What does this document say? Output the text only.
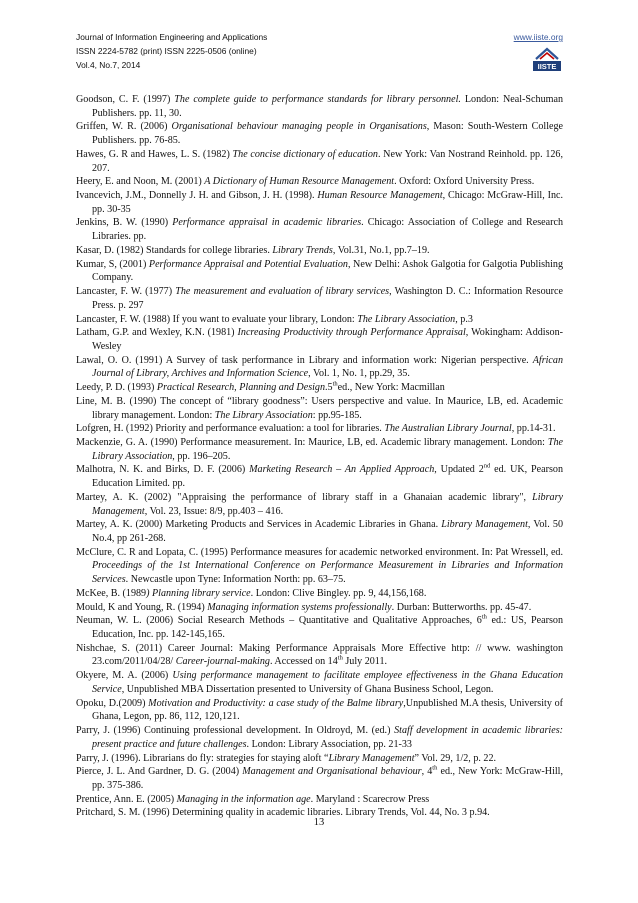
Journal of Information Engineering and Applications
ISSN 2224-5782 (print) ISSN 2225-0506 (online)
Vol.4, No.7, 2014
www.iiste.org
IISTE

Goodson, C. F. (1997) The complete guide to performance standards for library personnel. London: Neal-Schuman Publishers. pp. 11, 30.

Griffen, W. R. (2006) Organisational behaviour managing people in Organisations, Mason: South-Western College Publishers. pp. 76-85.

Hawes, G. R and Hawes, L. S. (1982) The concise dictionary of education. New York: Van Nostrand Reinhold. pp. 126, 207.

Heery, E. and Noon, M. (2001) A Dictionary of Human Resource Management. Oxford: Oxford University Press.

Ivancevich, J.M., Donnelly J. H. and Gibson, J. H. (1998). Human Resource Management, Chicago: McGraw-Hill, Inc. pp. 30-35

Jenkins, B. W. (1990) Performance appraisal in academic libraries. Chicago: Association of College and Research Libraries. pp.

Kasar, D. (1982) Standards for college libraries. Library Trends, Vol.31, No.1, pp.7–19.

Kumar, S, (2001) Performance Appraisal and Potential Evaluation, New Delhi: Ashok Galgotia for Galgotia Publishing Company.

Lancaster, F. W. (1977) The measurement and evaluation of library services, Washington D. C.: Information Resource Press. p. 297

Lancaster, F. W. (1988) If you want to evaluate your library, London: The Library Association, p.3

Latham, G.P. and Wexley, K.N. (1981) Increasing Productivity through Performance Appraisal, Wokingham: Addison-Wesley

Lawal, O. O. (1991) A Survey of task performance in Library and information work: Nigerian perspective. African Journal of Library, Archives and Information Science, Vol. 1, No. 1, pp.29, 35.

Leedy, P. D. (1993) Practical Research, Planning and Design.5thed., New York: Macmillan

Line, M. B. (1990) The concept of “library goodness”: Users perspective and value. In Maurice, LB, ed. Academic library management. London: The Library Association: pp.95-185.

Lofgren, H. (1992) Priority and performance evaluation: a tool for libraries. The Australian Library Journal, pp.14-31.

Mackenzie, G. A. (1990) Performance measurement. In: Maurice, LB, ed. Academic library management. London: The Library Association, pp. 196–205.

Malhotra, N. K. and Birks, D. F. (2006) Marketing Research – An Applied Approach, Updated 2nd ed. UK, Pearson Education Limited. pp.

Martey, A. K. (2002) "Appraising the performance of library staff in a Ghanaian academic library", Library Management, Vol. 23, Issue: 8/9, pp.403 – 416.

Martey, A. K. (2000) Marketing Products and Services in Academic Libraries in Ghana. Library Management, Vol. 50 No.4, pp 261-268.

McClure, C. R and Lopata, C. (1995) Performance measures for academic networked environment. In: Pat Wressell, ed. Proceedings of the 1st International Conference on Performance Measurement in Libraries and Information Services. Newcastle upon Tyne: Information North: pp. 63–75.

McKee, B. (1989) Planning library service. London: Clive Bingley. pp. 9, 44,156,168.

Mould, K and Young, R. (1994) Managing information systems professionally. Durban: Butterworths. pp. 45-47.

Neuman, W. L. (2006) Social Research Methods – Quantitative and Qualitative Approaches, 6th ed.: US, Pearson Education, Inc. pp. 142-145,165.

Nishchae, S. (2011) Career Journal: Making Performance Appraisals More Effective http: // www. washington 23.com/2011/04/28/ Career-journal-making. Accessed on 14th July 2011.

Okyere, M. A. (2006) Using performance management to facilitate employee effectiveness in the Ghana Education Service, Unpublished MBA Dissertation presented to University of Ghana Business School, Legon.

Opoku, D.(2009) Motivation and Productivity: a case study of the Balme library,Unpublished M.A thesis, University of Ghana, Legon, pp. 86, 112, 120,121.

Parry, J. (1996) Continuing professional development. In Oldroyd, M. (ed.) Staff development in academic libraries: present practice and future challenges. London: Library Association, pp. 21-33

Parry, J. (1996). Librarians do fly: strategies for staying aloft “Library Management” Vol. 29, 1/2, p. 22.

Pierce, J. L. And Gardner, D. G. (2004) Management and Organisational behaviour, 4th ed., New York: McGraw-Hill, pp. 375-386.

Prentice, Ann. E. (2005) Managing in the information age. Maryland : Scarecrow Press

Pritchard, S. M. (1996) Determining quality in academic libraries. Library Trends, Vol. 44, No. 3 p.94.

13
